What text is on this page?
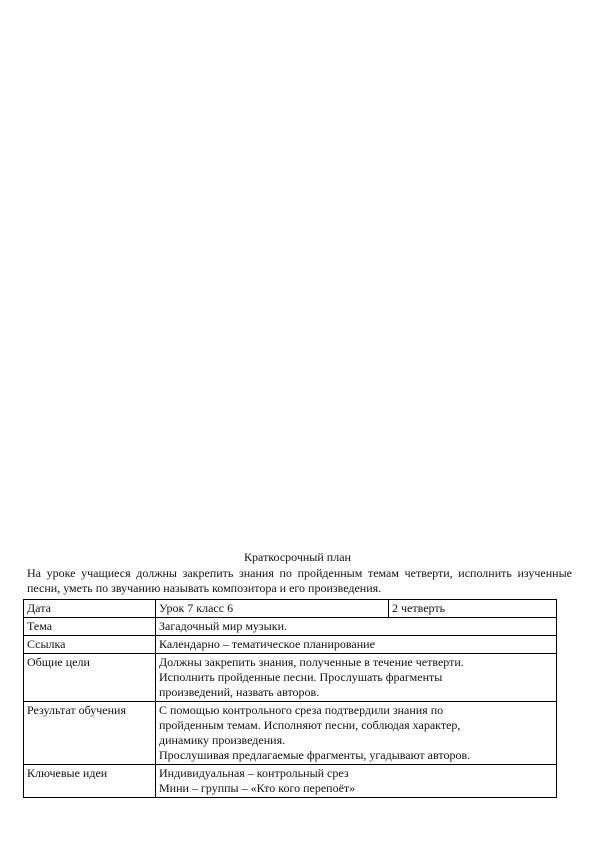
Краткосрочный план
На уроке учащиеся должны закрепить знания по пройденным темам четверти, исполнить изученные песни, уметь по звучанию называть композитора и его произведения.
Дата	Урок 7 класс 6	2 четверть
Тема	Загадочный мир музыки.	

Ссылка	Календарно – тематическое планирование	

Общие цели	Должны закрепить знания, полученные в течение четверти.
Исполнить пройденные песни. Прослушать фрагменты
произведений, назвать авторов.	

Результат обучения	С помощью контрольного среза подтвердили знания по
пройденным темам. Исполняют песни, соблюдая характер,
динамику произведения.
Прослушивая предлагаемые фрагменты, угадывают авторов.	

Ключевые идеи	Индивидуальная – контрольный срез
Мини – группы – «Кто кого перепоёт»	
